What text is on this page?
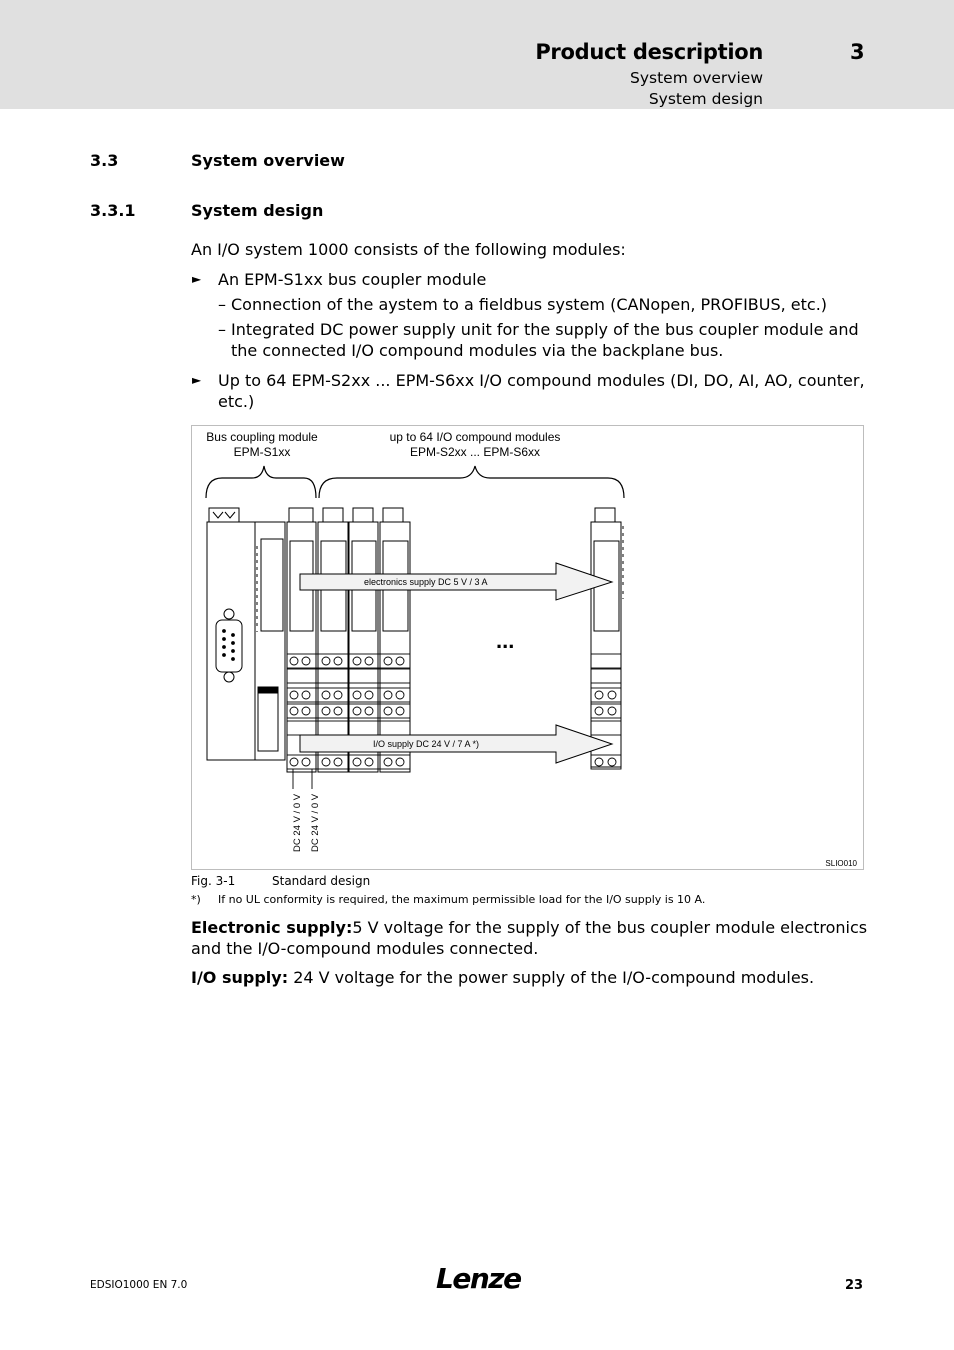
Product description	3
System overview
System design
3.3	System overview
3.3.1	System design
An I/O system 1000 consists of the following modules:
► An EPM-S1xx bus coupler module
– Connection of the aystem to a fieldbus system (CANopen, PROFIBUS, etc.)
– Integrated DC power supply unit for the supply of the bus coupler module and the connected I/O compound modules via the backplane bus.
► Up to 64 EPM-S2xx ... EPM-S6xx I/O compound modules (DI, DO, AI, AO, counter, etc.)
Bus coupling module
EPM-S1xx
up to 64 I/O compound modules
EPM-S2xx ... EPM-S6xx
electronics supply DC 5 V / 3 A
I/O supply DC 24 V / 7 A *)
...
DC 24 V / 0 V DC 24 V / 0 V
SLIO010
Fig. 3-1	Standard design
*) If no UL conformity is required, the maximum permissible load for the I/O supply is 10 A.
Electronic supply:5 V voltage for the supply of the bus coupler module electronics and the I/O-compound modules connected.
I/O supply: 24 V voltage for the power supply of the I/O-compound modules.
EDSIO1000 EN 7.0	Lenze	23
